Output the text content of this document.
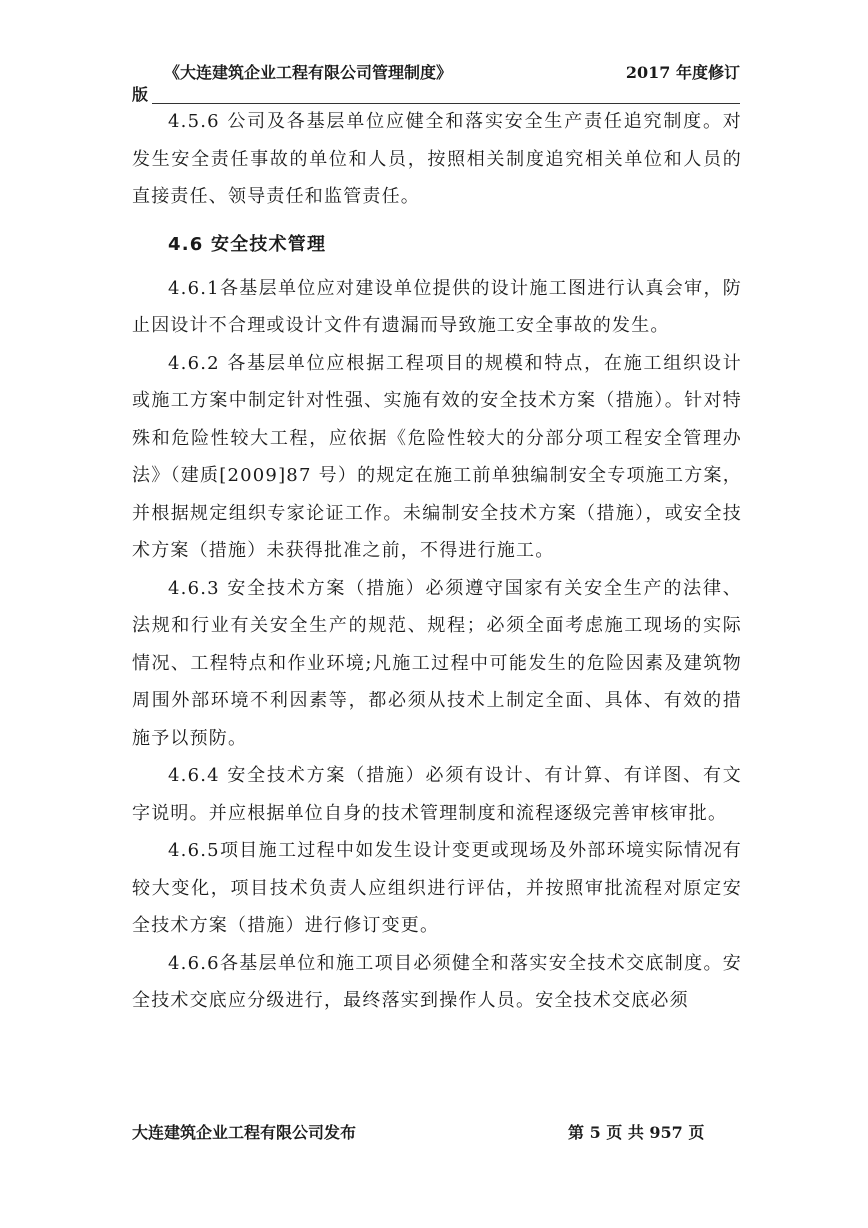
《大连建筑企业工程有限公司管理制度》	2017 年度修订
版

4.5.6 公司及各基层单位应健全和落实安全生产责任追究制度。对发生安全责任事故的单位和人员，按照相关制度追究相关单位和人员的直接责任、领导责任和监管责任。

4.6 安全技术管理

4.6.1各基层单位应对建设单位提供的设计施工图进行认真会审，防止因设计不合理或设计文件有遗漏而导致施工安全事故的发生。

4.6.2 各基层单位应根据工程项目的规模和特点，在施工组织设计或施工方案中制定针对性强、实施有效的安全技术方案（措施）。针对特殊和危险性较大工程，应依据《危险性较大的分部分项工程安全管理办法》（建质[2009]87 号）的规定在施工前单独编制安全专项施工方案，并根据规定组织专家论证工作。未编制安全技术方案（措施），或安全技术方案（措施）未获得批准之前，不得进行施工。

4.6.3 安全技术方案（措施）必须遵守国家有关安全生产的法律、法规和行业有关安全生产的规范、规程；必须全面考虑施工现场的实际情况、工程特点和作业环境;凡施工过程中可能发生的危险因素及建筑物周围外部环境不利因素等，都必须从技术上制定全面、具体、有效的措施予以预防。

4.6.4 安全技术方案（措施）必须有设计、有计算、有详图、有文字说明。并应根据单位自身的技术管理制度和流程逐级完善审核审批。

4.6.5项目施工过程中如发生设计变更或现场及外部环境实际情况有较大变化，项目技术负责人应组织进行评估，并按照审批流程对原定安全技术方案（措施）进行修订变更。

4.6.6各基层单位和施工项目必须健全和落实安全技术交底制度。安全技术交底应分级进行，最终落实到操作人员。安全技术交底必须

大连建筑企业工程有限公司发布	第 5 页 共 957 页
